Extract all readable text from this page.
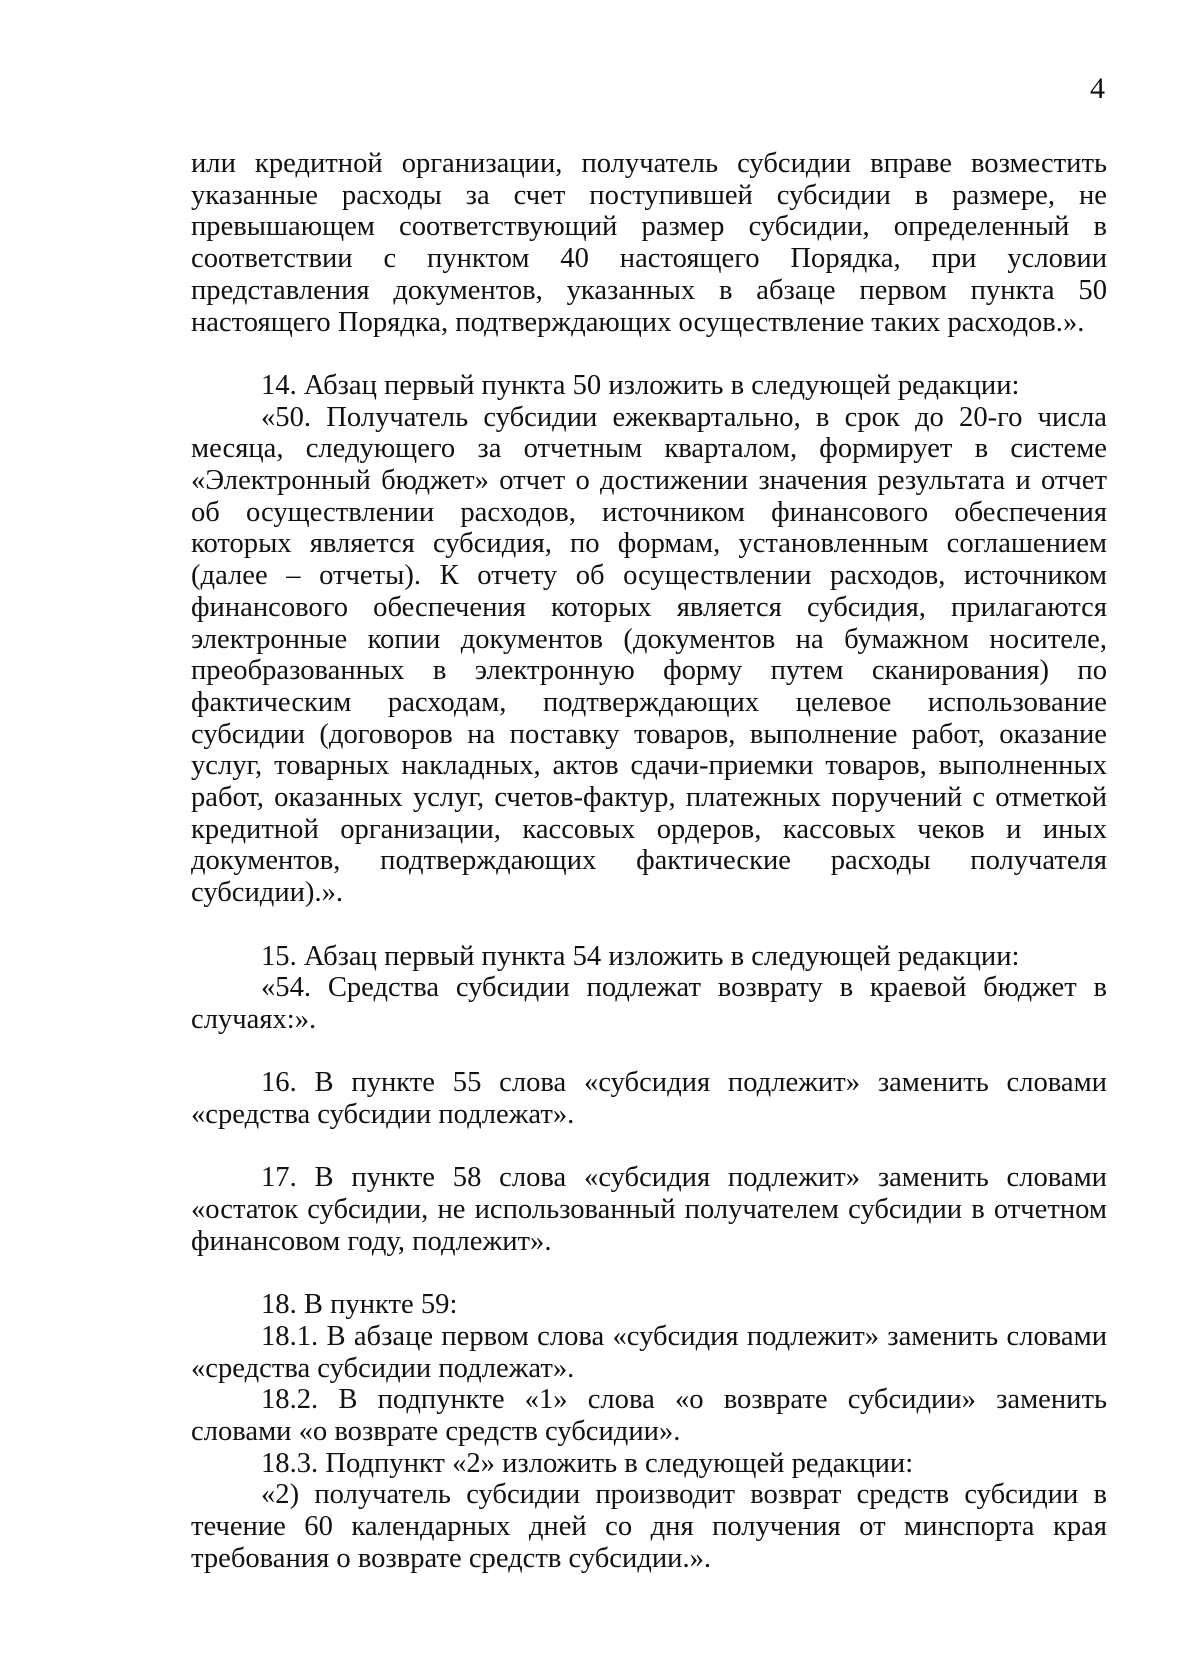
4

или кредитной организации, получатель субсидии вправе возместить указанные расходы за счет поступившей субсидии в размере, не превышающем соответствующий размер субсидии, определенный в соответствии с пунктом 40 настоящего Порядка, при условии представления документов, указанных в абзаце первом пункта 50 настоящего Порядка, подтверждающих осуществление таких расходов.».

14. Абзац первый пункта 50 изложить в следующей редакции:

«50. Получатель субсидии ежеквартально, в срок до 20-го числа месяца, следующего за отчетным кварталом, формирует в системе «Электронный бюджет» отчет о достижении значения результата и отчет об осуществлении расходов, источником финансового обеспечения которых является субсидия, по формам, установленным соглашением (далее – отчеты). К отчету об осуществлении расходов, источником финансового обеспечения которых является субсидия, прилагаются электронные копии документов (документов на бумажном носителе, преобразованных в электронную форму путем сканирования) по фактическим расходам, подтверждающих целевое использование субсидии (договоров на поставку товаров, выполнение работ, оказание услуг, товарных накладных, актов сдачи-приемки товаров, выполненных работ, оказанных услуг, счетов-фактур, платежных поручений с отметкой кредитной организации, кассовых ордеров, кассовых чеков и иных документов, подтверждающих фактические расходы получателя субсидии).».

15. Абзац первый пункта 54 изложить в следующей редакции:

«54. Средства субсидии подлежат возврату в краевой бюджет в случаях:».

16. В пункте 55 слова «субсидия подлежит» заменить словами «средства субсидии подлежат».

17. В пункте 58 слова «субсидия подлежит» заменить словами «остаток субсидии, не использованный получателем субсидии в отчетном финансовом году, подлежит».

18. В пункте 59:

18.1. В абзаце первом слова «субсидия подлежит» заменить словами «средства субсидии подлежат».

18.2. В подпункте «1» слова «о возврате субсидии» заменить словами «о возврате средств субсидии».

18.3. Подпункт «2» изложить в следующей редакции:

«2) получатель субсидии производит возврат средств субсидии в течение 60 календарных дней со дня получения от минспорта края требования о возврате средств субсидии.».
